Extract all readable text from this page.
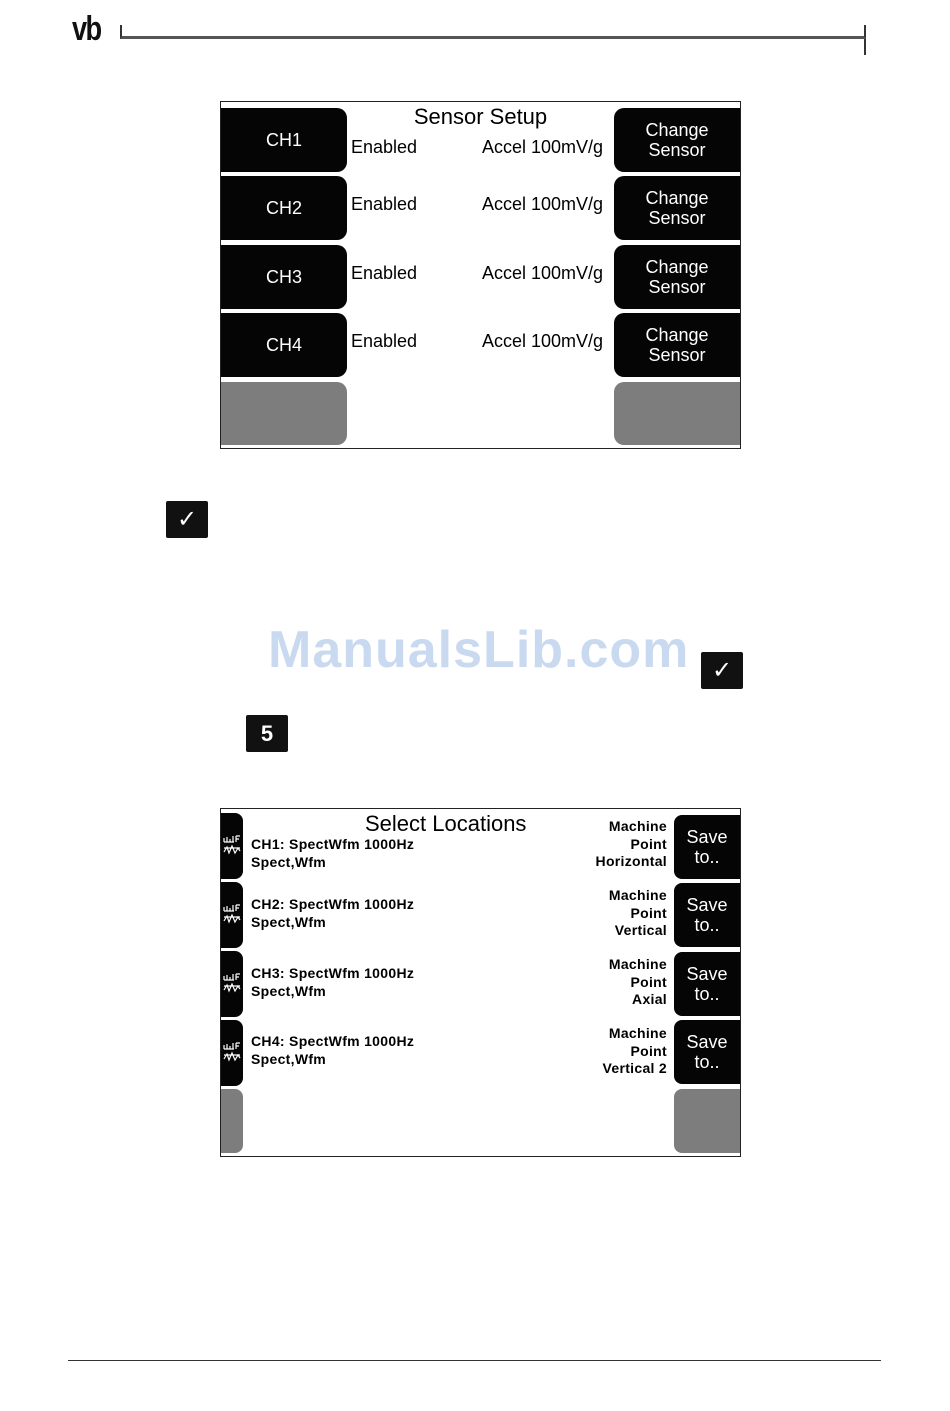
vb
Sensor Setup
CH1
CH2
CH3
CH4
Enabled
Enabled
Enabled
Enabled
Accel 100mV/g
Accel 100mV/g
Accel 100mV/g
Accel 100mV/g
Change
Sensor
Change
Sensor
Change
Sensor
Change
Sensor
✓
ManualsLib.com ✓
5
Select Locations
CH1: SpectWfm 1000Hz
Spect,Wfm
CH2: SpectWfm 1000Hz
Spect,Wfm
CH3: SpectWfm 1000Hz
Spect,Wfm
CH4: SpectWfm 1000Hz
Spect,Wfm
Machine
Point
Horizontal
Machine
Point
Vertical
Machine
Point
Axial
Machine
Point
Vertical 2
Save
to..
Save
to..
Save
to..
Save
to..
